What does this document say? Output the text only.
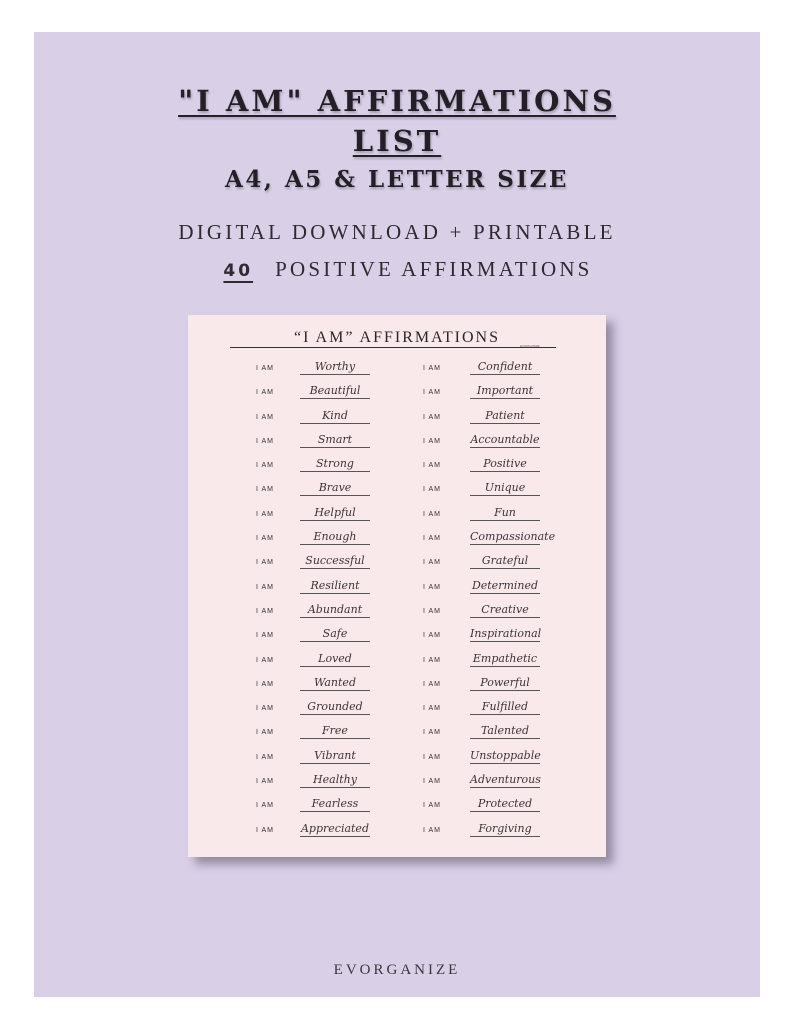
"I AM" AFFIRMATIONS
LIST
A4, A5 & LETTER SIZE
DIGITAL DOWNLOAD + PRINTABLE
40 POSITIVE AFFIRMATIONS
“I AM” AFFIRMATIONS	EVORGANIZE
I AM	Worthy	I AM	Confident
I AM	Beautiful	I AM	Important
I AM	Kind	I AM	Patient
I AM	Smart	I AM	Accountable
I AM	Strong	I AM	Positive
I AM	Brave	I AM	Unique
I AM	Helpful	I AM	Fun
I AM	Enough	I AM	Compassionate
I AM	Successful	I AM	Grateful
I AM	Resilient	I AM	Determined
I AM	Abundant	I AM	Creative
I AM	Safe	I AM	Inspirational
I AM	Loved	I AM	Empathetic
I AM	Wanted	I AM	Powerful
I AM	Grounded	I AM	Fulfilled
I AM	Free	I AM	Talented
I AM	Vibrant	I AM	Unstoppable
I AM	Healthy	I AM	Adventurous
I AM	Fearless	I AM	Protected
I AM Appreciated	I AM	Forgiving
EVORGANIZE
